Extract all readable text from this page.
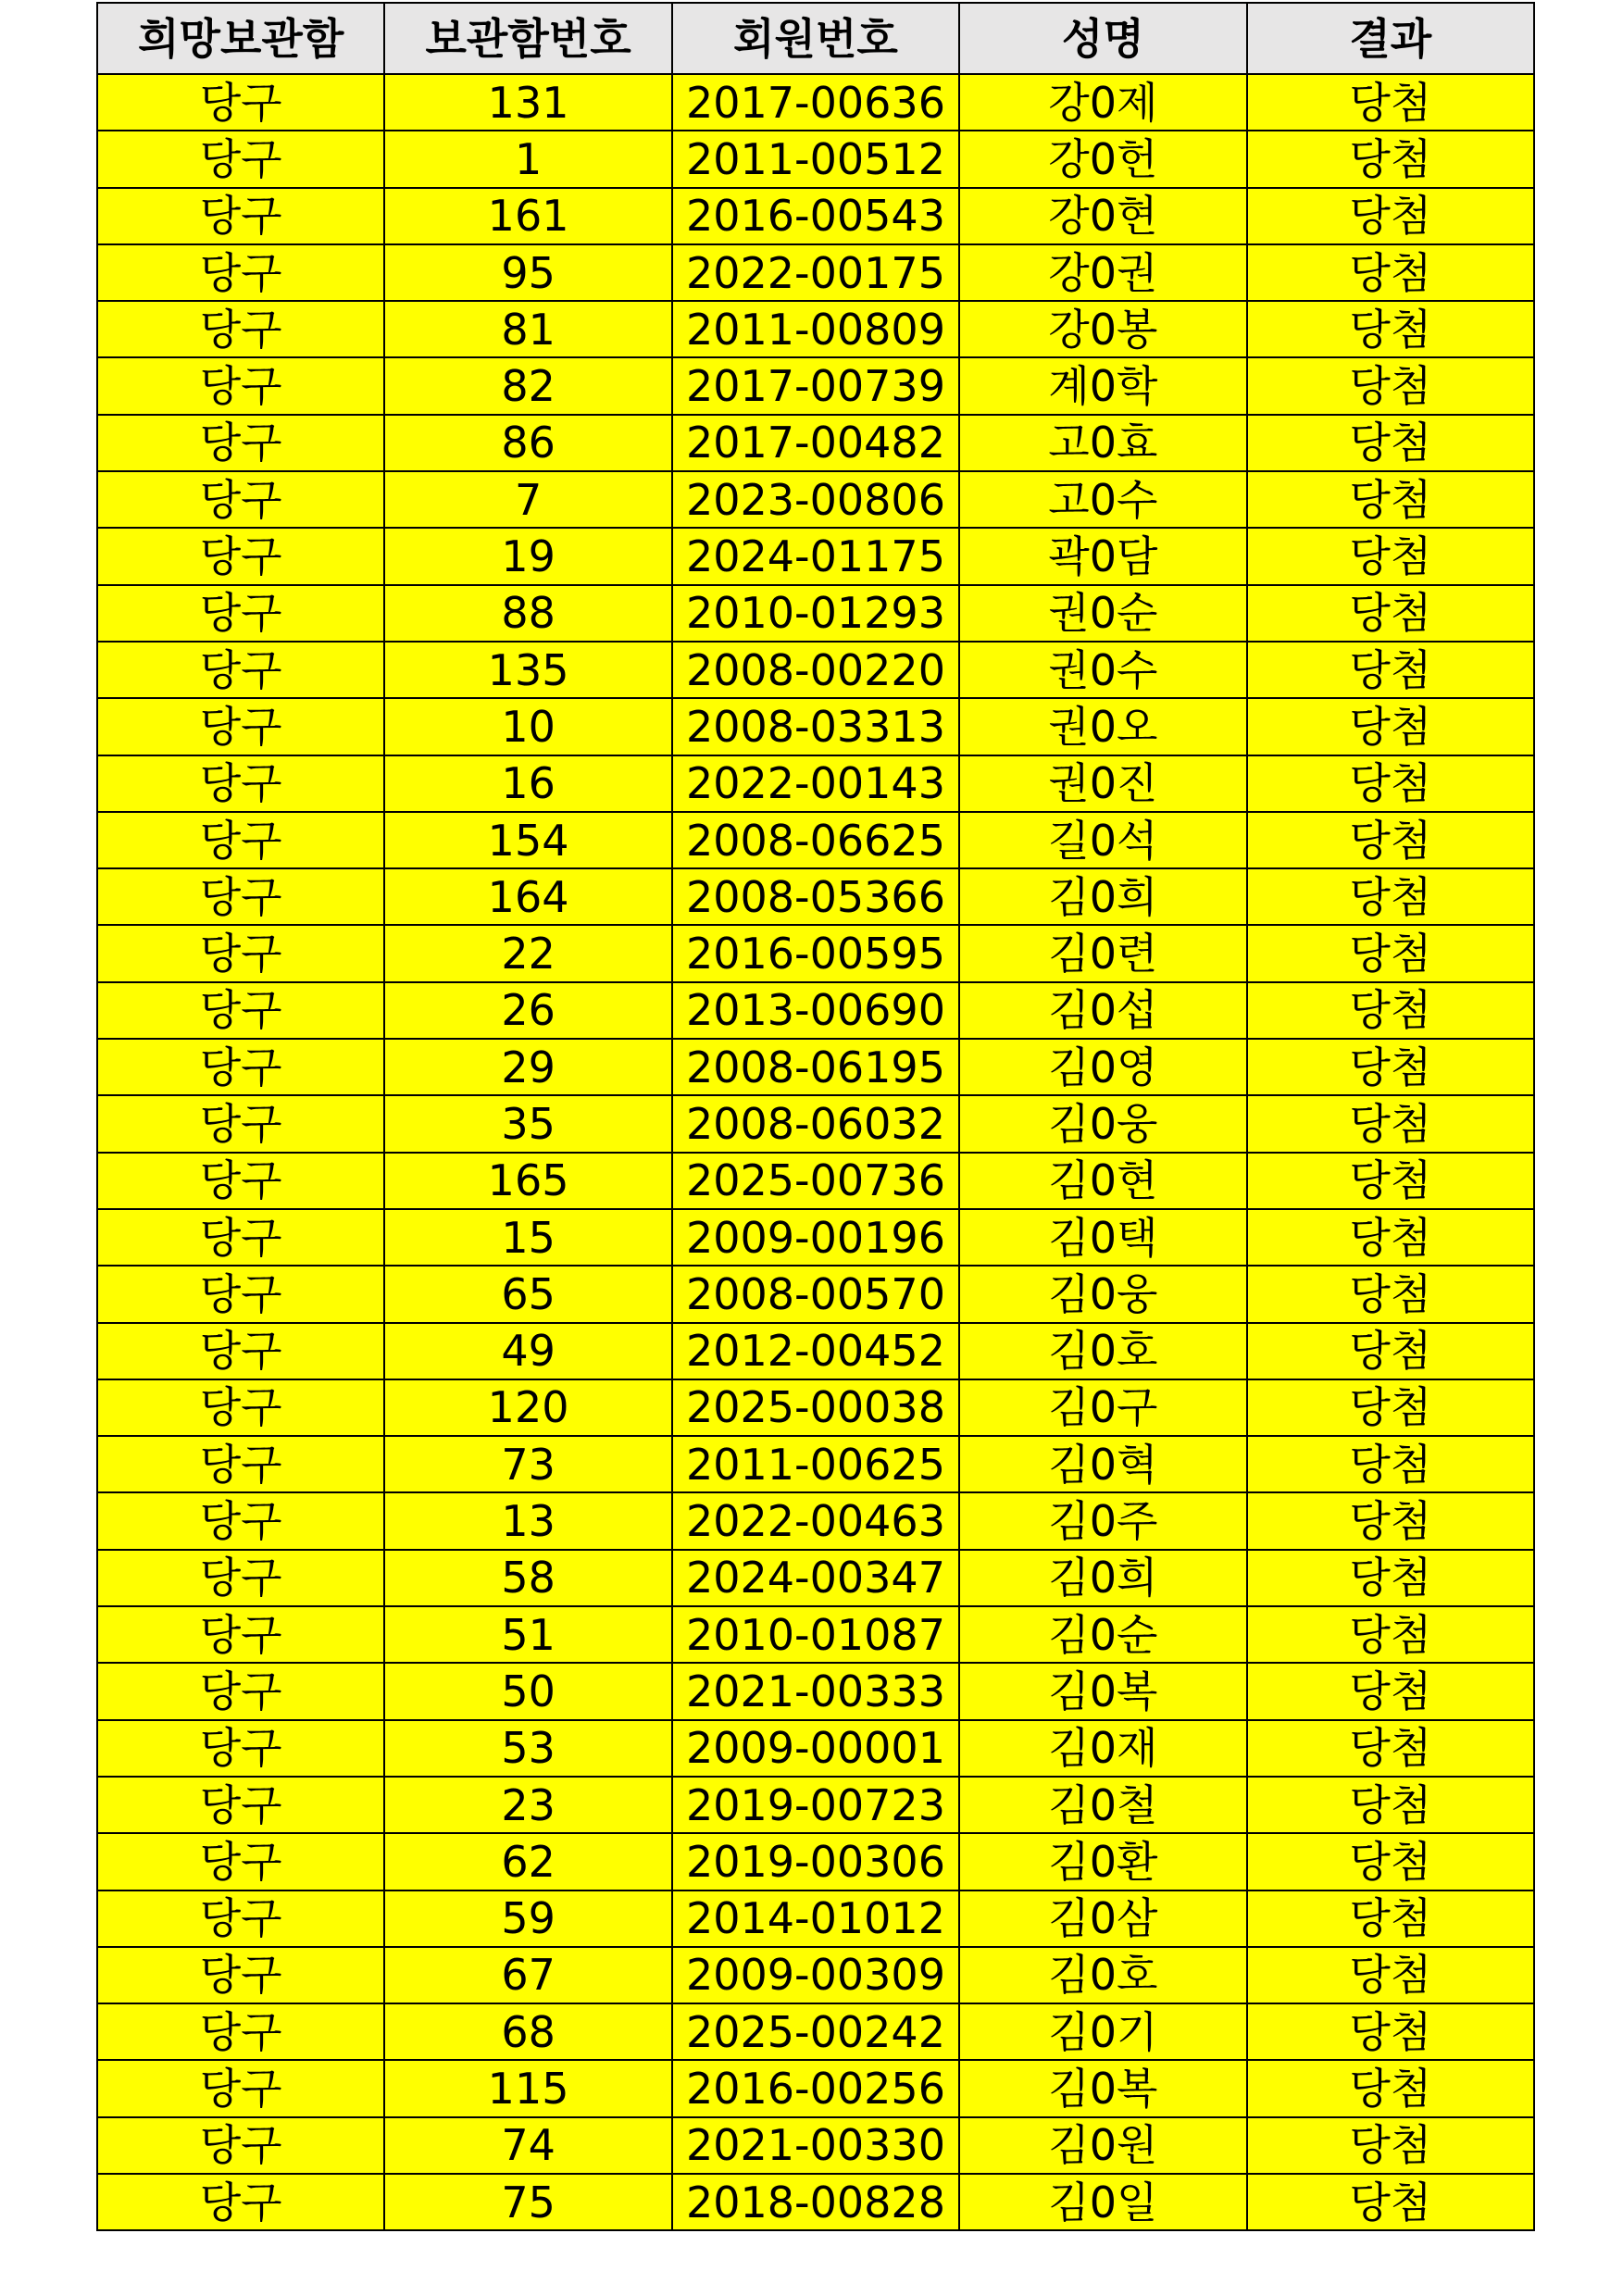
희망보관함	보관함번호	회원번호	성명	결과
당구	131	2017-00636	강0제	당첨
당구	1	2011-00512	강0헌	당첨
당구	161	2016-00543	강0현	당첨
당구	95	2022-00175	강0권	당첨
당구	81	2011-00809	강0봉	당첨
당구	82	2017-00739	계0학	당첨
당구	86	2017-00482	고0효	당첨
당구	7	2023-00806	고0수	당첨
당구	19	2024-01175	곽0담	당첨
당구	88	2010-01293	권0순	당첨
당구	135	2008-00220	권0수	당첨
당구	10	2008-03313	권0오	당첨
당구	16	2022-00143	권0진	당첨
당구	154	2008-06625	길0석	당첨
당구	164	2008-05366	김0희	당첨
당구	22	2016-00595	김0련	당첨
당구	26	2013-00690	김0섭	당첨
당구	29	2008-06195	김0영	당첨
당구	35	2008-06032	김0웅	당첨
당구	165	2025-00736	김0현	당첨
당구	15	2009-00196	김0택	당첨
당구	65	2008-00570	김0웅	당첨
당구	49	2012-00452	김0호	당첨
당구	120	2025-00038	김0구	당첨
당구	73	2011-00625	김0혁	당첨
당구	13	2022-00463	김0주	당첨
당구	58	2024-00347	김0희	당첨
당구	51	2010-01087	김0순	당첨
당구	50	2021-00333	김0복	당첨
당구	53	2009-00001	김0재	당첨
당구	23	2019-00723	김0철	당첨
당구	62	2019-00306	김0환	당첨
당구	59	2014-01012	김0삼	당첨
당구	67	2009-00309	김0호	당첨
당구	68	2025-00242	김0기	당첨
당구	115	2016-00256	김0복	당첨
당구	74	2021-00330	김0원	당첨
당구	75	2018-00828	김0일	당첨
